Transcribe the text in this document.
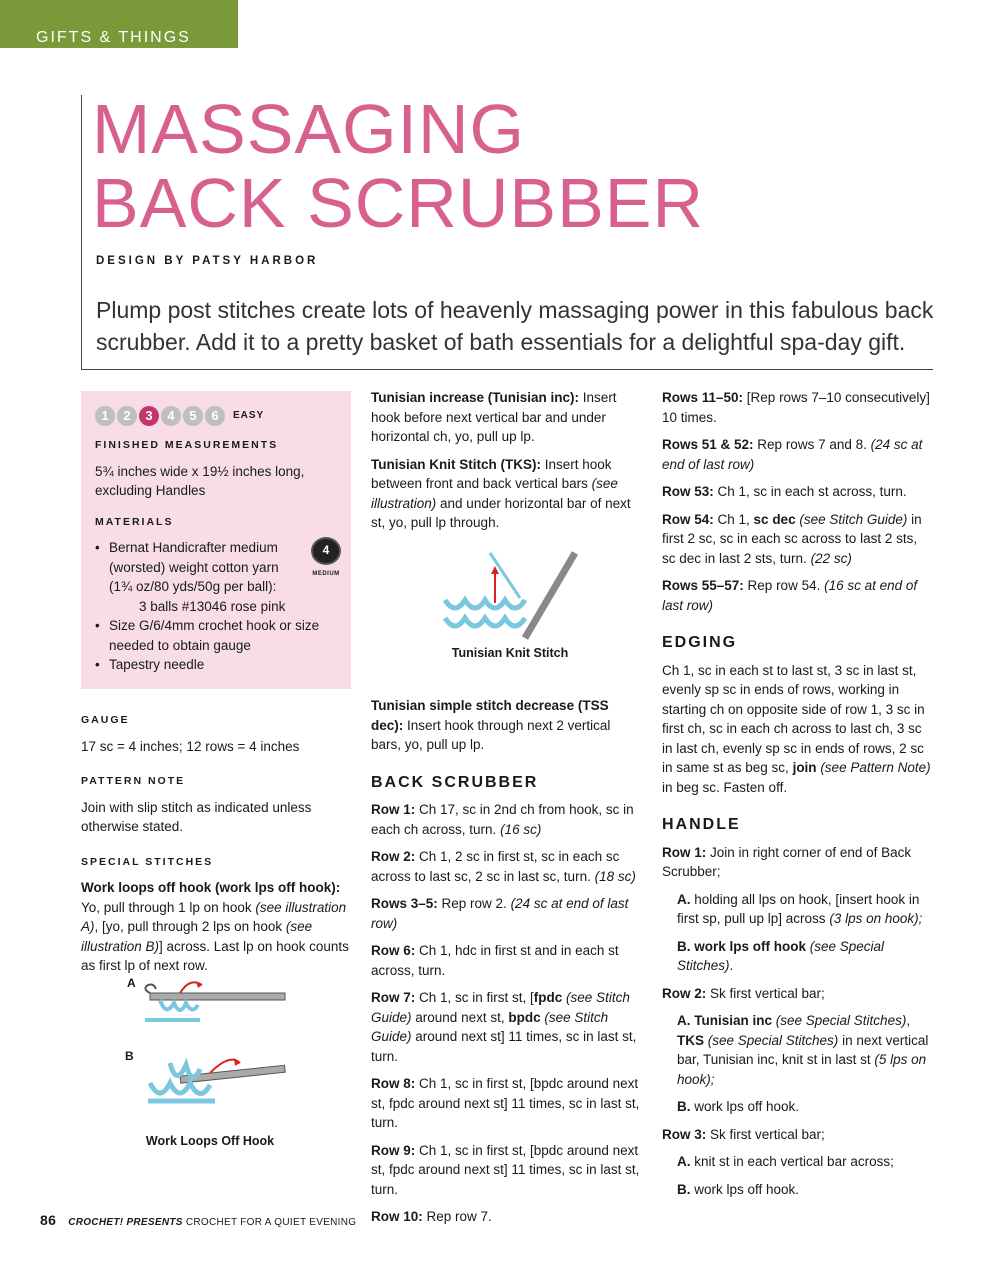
GIFTS & THINGS
MASSAGING
BACK SCRUBBER
DESIGN BY PATSY HARBOR
Plump post stitches create lots of heavenly massaging power in this fabulous back scrubber. Add it to a pretty basket of bath essentials for a delightful spa-day gift.
1	2	3	4	5	6	EASY
FINISHED MEASUREMENTS
5¾ inches wide x 19½ inches long, excluding Handles
MATERIALS
• Bernat Handicrafter medium (worsted) weight cotton yarn (1¾ oz/80 yds/50g per ball):
3 balls #13046 rose pink
• Size G/6/4mm crochet hook or size needed to obtain gauge
• Tapestry needle
4
MEDIUM
GAUGE

17 sc = 4 inches; 12 rows = 4 inches

PATTERN NOTE

Join with slip stitch as indicated unless otherwise stated.

SPECIAL STITCHES

Work loops off hook (work lps off hook): Yo, pull through 1 lp on hook (see illustration A), [yo, pull through 2 lps on hook (see illustration B)] across. Last lp on hook counts as first lp of next row.

A
B
Work Loops Off Hook

Tunisian increase (Tunisian inc): Insert hook before next vertical bar and under horizontal ch, yo, pull up lp.

Tunisian Knit Stitch (TKS): Insert hook between front and back vertical bars (see illustration) and under horizontal bar of next st, yo, pull lp through.

Tunisian Knit Stitch

Tunisian simple stitch decrease (TSS dec): Insert hook through next 2 vertical bars, yo, pull up lp.

BACK SCRUBBER

Row 1: Ch 17, sc in 2nd ch from hook, sc in each ch across, turn. (16 sc)

Row 2: Ch 1, 2 sc in first st, sc in each sc across to last sc, 2 sc in last sc, turn. (18 sc)

Rows 3–5: Rep row 2. (24 sc at end of last row)

Row 6: Ch 1, hdc in first st and in each st across, turn.

Row 7: Ch 1, sc in first st, [fpdc (see Stitch Guide) around next st, bpdc (see Stitch Guide) around next st] 11 times, sc in last st, turn.

Row 8: Ch 1, sc in first st, [bpdc around next st, fpdc around next st] 11 times, sc in last st, turn.

Row 9: Ch 1, sc in first st, [bpdc around next st, fpdc around next st] 11 times, sc in last st, turn.

Row 10: Rep row 7.

Rows 11–50: [Rep rows 7–10 consecutively] 10 times.

Rows 51 & 52: Rep rows 7 and 8. (24 sc at end of last row)

Row 53: Ch 1, sc in each st across, turn.

Row 54: Ch 1, sc dec (see Stitch Guide) in first 2 sc, sc in each sc across to last 2 sts, sc dec in last 2 sts, turn. (22 sc)

Rows 55–57: Rep row 54. (16 sc at end of last row)

EDGING

Ch 1, sc in each st to last st, 3 sc in last st, evenly sp sc in ends of rows, working in starting ch on opposite side of row 1, 3 sc in first ch, sc in each ch across to last ch, 3 sc in last ch, evenly sp sc in ends of rows, 2 sc in same st as beg sc, join (see Pattern Note) in beg sc. Fasten off.

HANDLE

Row 1: Join in right corner of end of Back Scrubber;

A. holding all lps on hook, [insert hook in first sp, pull up lp] across (3 lps on hook);

B. work lps off hook (see Special Stitches).

Row 2: Sk first vertical bar;

A. Tunisian inc (see Special Stitches), TKS (see Special Stitches) in next vertical bar, Tunisian inc, knit st in last st (5 lps on hook);

B. work lps off hook.

Row 3: Sk first vertical bar;

A. knit st in each vertical bar across;

B. work lps off hook.

86 CROCHET! PRESENTS CROCHET FOR A QUIET EVENING
